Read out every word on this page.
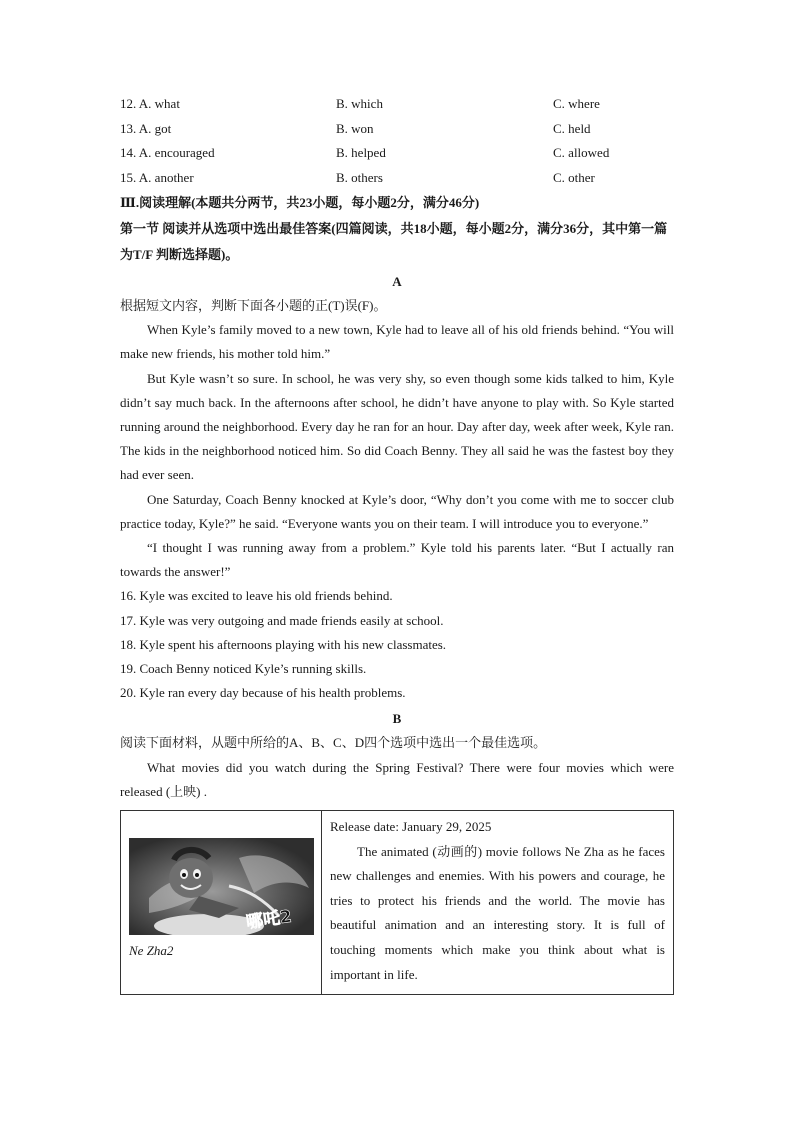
12. A. what	B. which	C. where
13. A. got	B. won	C. held
14. A. encouraged	B. helped	C. allowed
15. A. another	B. others	C. other
Ⅲ.阅读理解(本题共分两节，共23小题，每小题2分，满分46分)
第一节 阅读并从选项中选出最佳答案(四篇阅读，共18小题，每小题2分，满分36分，其中第一篇为T/F 判断选择题)。
A
根据短文内容，判断下面各小题的正(T)误(F)。
When Kyle’s family moved to a new town, Kyle had to leave all of his old friends behind. “You will make new friends, his mother told him.”
But Kyle wasn’t so sure. In school, he was very shy, so even though some kids talked to him, Kyle didn’t say much back. In the afternoons after school, he didn’t have anyone to play with. So Kyle started running around the neighborhood. Every day he ran for an hour. Day after day, week after week, Kyle ran. The kids in the neighborhood noticed him. So did Coach Benny. They all said he was the fastest boy they had ever seen.
One Saturday, Coach Benny knocked at Kyle’s door, “Why don’t you come with me to soccer club practice today, Kyle?” he said. “Everyone wants you on their team. I will introduce you to everyone.”
“I thought I was running away from a problem.” Kyle told his parents later. “But I actually ran towards the answer!”
16. Kyle was excited to leave his old friends behind.
17. Kyle was very outgoing and made friends easily at school.
18. Kyle spent his afternoons playing with his new classmates.
19. Coach Benny noticed Kyle’s running skills.
20. Kyle ran every day because of his health problems.
B
阅读下面材料，从题中所给的A、B、C、D四个选项中选出一个最佳选项。
What movies did you watch during the Spring Festival? There were four movies which were released (上映) .
哪吒2
Ne Zha2
Release date: January 29, 2025
The animated (动画的) movie follows Ne Zha as he faces new challenges and enemies. With his powers and courage, he tries to protect his friends and the world. The movie has beautiful animation and an interesting story. It is full of touching moments which make you think about what is important in life.
